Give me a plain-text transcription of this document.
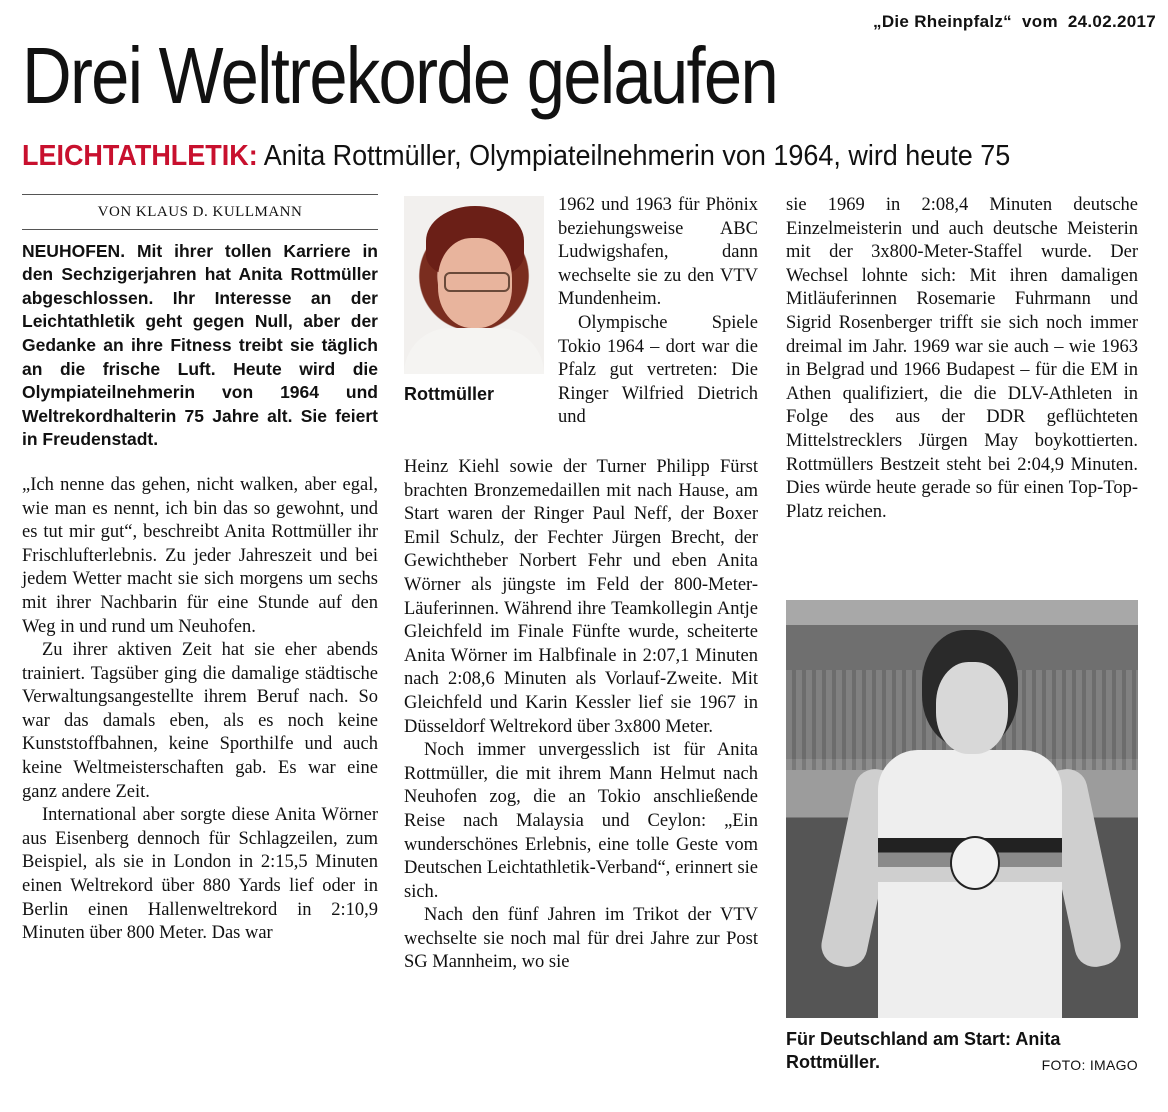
„Die Rheinpfalz“  vom  24.02.2017
Drei Weltrekorde gelaufen
LEICHTATHLETIK: Anita Rottmüller, Olympiateilnehmerin von 1964, wird heute 75
VON KLAUS D. KULLMANN

NEUHOFEN. Mit ihrer tollen Karriere in den Sechzigerjahren hat Anita Rottmüller abgeschlossen. Ihr Interesse an der Leichtathletik geht gegen Null, aber der Gedanke an ihre Fitness treibt sie täglich an die frische Luft. Heute wird die Olympiateilnehmerin von 1964 und Weltrekordhalterin 75 Jahre alt. Sie feiert in Freudenstadt.

„Ich nenne das gehen, nicht walken, aber egal, wie man es nennt, ich bin das so gewohnt, und es tut mir gut“, beschreibt Anita Rottmüller ihr Frischlufterlebnis. Zu jeder Jahreszeit und bei jedem Wetter macht sie sich morgens um sechs mit ihrer Nachbarin für eine Stunde auf den Weg in und rund um Neuhofen.

Zu ihrer aktiven Zeit hat sie eher abends trainiert. Tagsüber ging die damalige städtische Verwaltungsangestellte ihrem Beruf nach. So war das damals eben, als es noch keine Kunststoffbahnen, keine Sporthilfe und auch keine Weltmeisterschaften gab. Es war eine ganz andere Zeit.

International aber sorgte diese Anita Wörner aus Eisenberg dennoch für Schlagzeilen, zum Beispiel, als sie in London in 2:15,5 Minuten einen Weltrekord über 880 Yards lief oder in Berlin einen Hallenweltrekord in 2:10,9 Minuten über 800 Meter. Das war

Rottmüller

1962 und 1963 für Phönix beziehungsweise ABC Ludwigshafen, dann wechselte sie zu den VTV Mundenheim.

Olympische Spiele Tokio 1964 – dort war die Pfalz gut vertreten: Die Ringer Wilfried Dietrich und

Heinz Kiehl sowie der Turner Philipp Fürst brachten Bronzemedaillen mit nach Hause, am Start waren der Ringer Paul Neff, der Boxer Emil Schulz, der Fechter Jürgen Brecht, der Gewichtheber Norbert Fehr und eben Anita Wörner als jüngste im Feld der 800-Meter-Läuferinnen. Während ihre Teamkollegin Antje Gleichfeld im Finale Fünfte wurde, scheiterte Anita Wörner im Halbfinale in 2:07,1 Minuten nach 2:08,6 Minuten als Vorlauf-Zweite. Mit Gleichfeld und Karin Kessler lief sie 1967 in Düsseldorf Weltrekord über 3x800 Meter.

Noch immer unvergesslich ist für Anita Rottmüller, die mit ihrem Mann Helmut nach Neuhofen zog, die an Tokio anschließende Reise nach Malaysia und Ceylon: „Ein wunderschönes Erlebnis, eine tolle Geste vom Deutschen Leichtathletik-Verband“, erinnert sie sich.

Nach den fünf Jahren im Trikot der VTV wechselte sie noch mal für drei Jahre zur Post SG Mannheim, wo sie

sie 1969 in 2:08,4 Minuten deutsche Einzelmeisterin und auch deutsche Meisterin mit der 3x800-Meter-Staffel wurde. Der Wechsel lohnte sich: Mit ihren damaligen Mitläuferinnen Rosemarie Fuhrmann und Sigrid Rosenberger trifft sie sich noch immer dreimal im Jahr. 1969 war sie auch – wie 1963 in Belgrad und 1966 Budapest – für die EM in Athen qualifiziert, die die DLV-Athleten in Folge des aus der DDR geflüchteten Mittelstrecklers Jürgen May boykottierten. Rottmüllers Bestzeit steht bei 2:04,9 Minuten. Dies würde heute gerade so für einen Top-Top-Platz reichen.

Für Deutschland am Start: Anita Rottmüller.	FOTO: IMAGO
